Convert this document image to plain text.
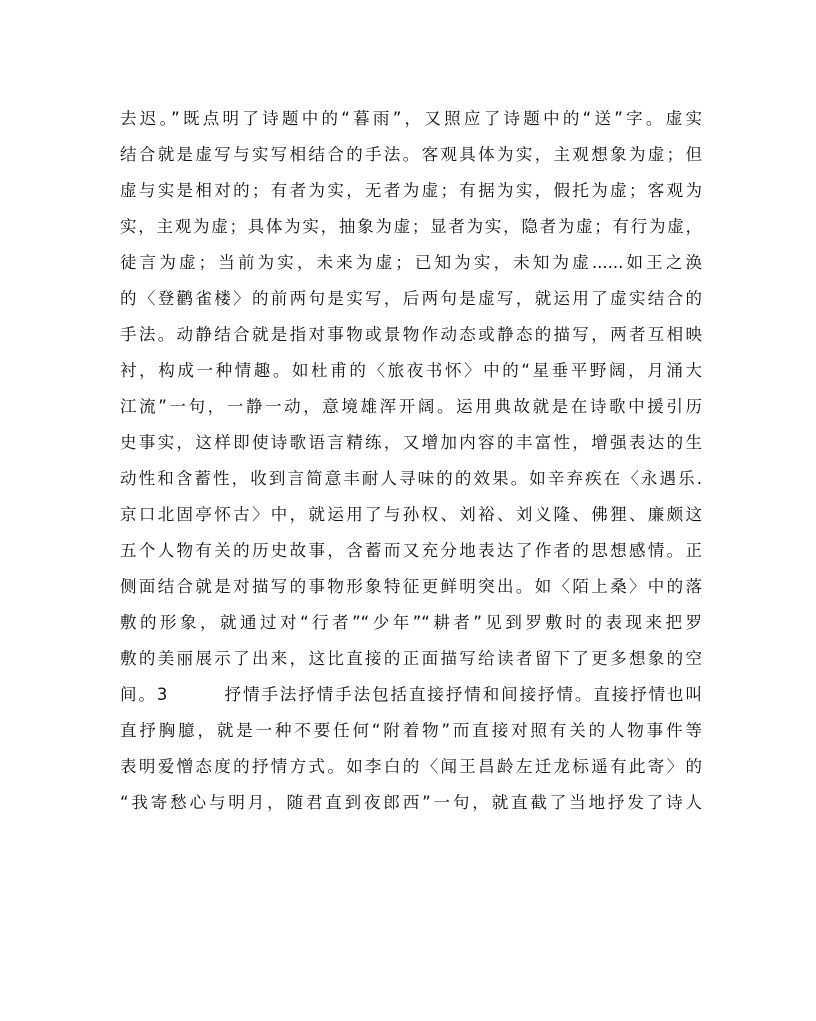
去迟。”既点明了诗题中的“暮雨”，又照应了诗题中的“送”字。虚实
结合就是虚写与实写相结合的手法。客观具体为实，主观想象为虚；但
虚与实是相对的；有者为实，无者为虚；有据为实，假托为虚；客观为
实，主观为虚；具体为实，抽象为虚；显者为实，隐者为虚；有行为虚，
徒言为虚；当前为实，未来为虚；已知为实，未知为虚......如王之涣
的〈登鹳雀楼〉的前两句是实写，后两句是虚写，就运用了虚实结合的
手法。动静结合就是指对事物或景物作动态或静态的描写，两者互相映
衬，构成一种情趣。如杜甫的〈旅夜书怀〉中的“星垂平野阔，月涌大
江流”一句，一静一动，意境雄浑开阔。运用典故就是在诗歌中援引历
史事实，这样即使诗歌语言精练，又增加内容的丰富性，增强表达的生
动性和含蓄性，收到言简意丰耐人寻味的的效果。如辛弃疾在〈永遇乐.
京口北固亭怀古〉中，就运用了与孙权、刘裕、刘义隆、佛狸、廉颇这
五个人物有关的历史故事，含蓄而又充分地表达了作者的思想感情。正
侧面结合就是对描写的事物形象特征更鲜明突出。如〈陌上桑〉中的落
敷的形象，就通过对“行者”“少年”“耕者”见到罗敷时的表现来把罗
敷的美丽展示了出来，这比直接的正面描写给读者留下了更多想象的空
间。3　　　抒情手法抒情手法包括直接抒情和间接抒情。直接抒情也叫
直抒胸臆，就是一种不要任何“附着物”而直接对照有关的人物事件等
表明爱憎态度的抒情方式。如李白的〈闻王昌龄左迁龙标遥有此寄〉的
“我寄愁心与明月，随君直到夜郎西”一句，就直截了当地抒发了诗人
